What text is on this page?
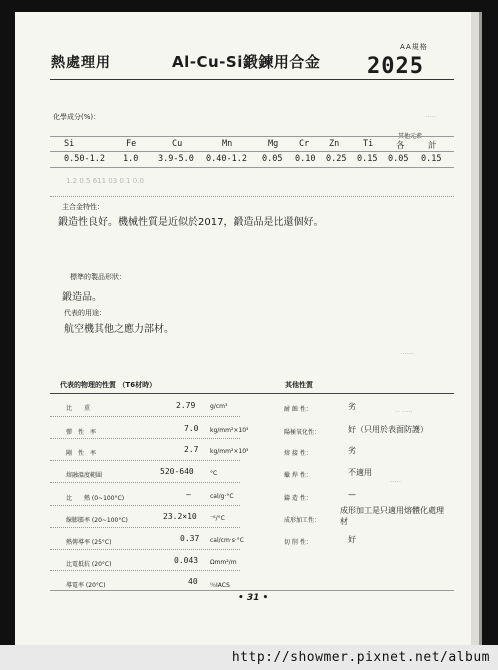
·····
······
·· ·····
·····
熱處理用	Al-Cu-Si鍛鍊用合金
AA規格
2025
化學成分(%)：
其他元素
Si	Fe	Cu	Mn	Mg Cr Zn	Ti	各	計
0.50-1.2 1.0 3.9-5.0 0.40-1.2 0.05 0.10 0.25 0.15 0.05 0.15
1.2 0.5 611 03 0.1 0.0
主合金特性：
鍛造性良好。機械性質是近似於2017，鍛造品是比還個好。
標準的製品形狀：
鍛造品。
代表的用途：
航空機其他之應力部材。
代表的物理的性質 （T6材時）	其他性質
比　　重	2.79 g/cm³
彈　性　率	7.0 kg/mm²×10³
剛　性　率	2.7 kg/mm²×10³
熔融溫度範圍	520-640	°C
比　　熱 (0~100°C)	—	cal/g·°C
線膨脹率 (20~100°C)	23.2×10 ⁻⁶/°C
熱傳導率 (25°C)	0.37 cal/cm·s·°C
比電抵抗 (20°C)	0.043 Ωmm²/m
導電率 (20°C)	40 ％IACS
耐 蝕 性：	劣
陽極氧化性：	好（只用於表面防護）
熔 接 性：	劣
蠟 焊 性：	不適用
鑄 造 性：	—
成形加工性：
成形加工是只適用熔體化處理材
切 削 性：	好
• 31 •
http://showmer.pixnet.net/album
